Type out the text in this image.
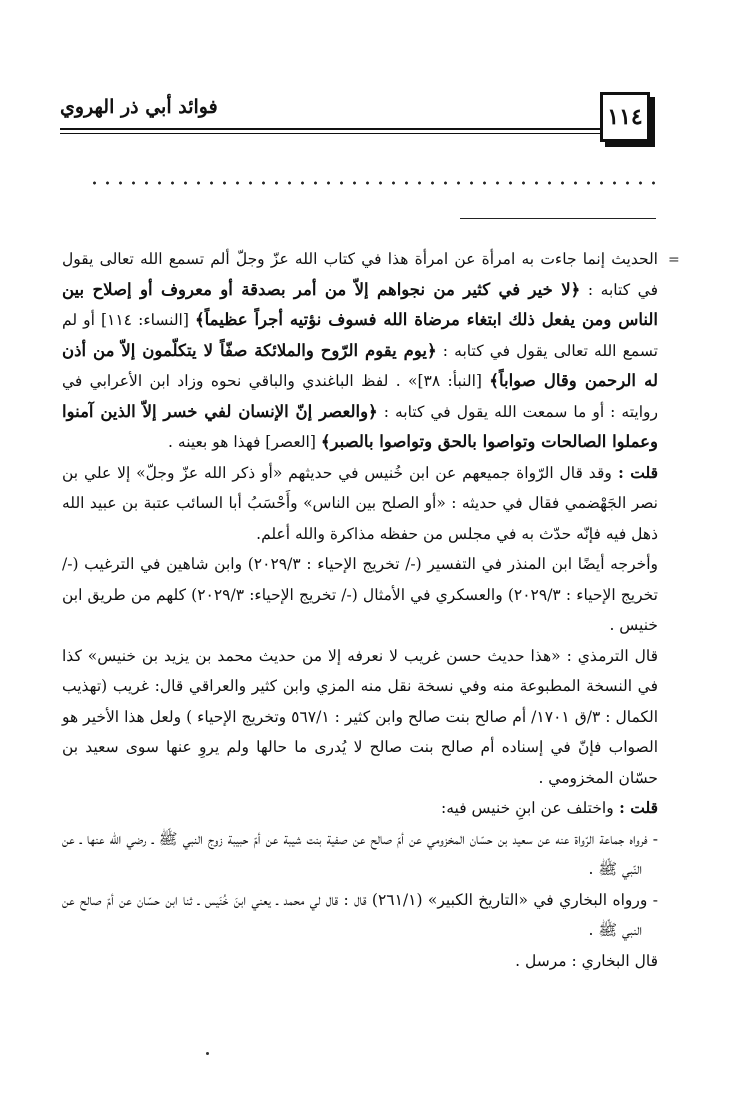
فوائد أبي ذر الهروي	١١٤
=

الحديث إنما جاءت به امرأة عن امرأة هذا في كتاب الله عزّ وجلّ ألم تسمع الله تعالى يقول في كتابه : ﴿لا خير في كثير من نجواهم إلاّ من أمر بصدقة أو معروف أو إصلاح بين الناس ومن يفعل ذلك ابتغاء مرضاة الله فسوف نؤتيه أجراً عظيماً﴾ [النساء: ١١٤] أو لم تسمع الله تعالى يقول في كتابه : ﴿يوم يقوم الرّوح والملائكة صفّاً لا يتكلّمون إلاّ من أذن له الرحمن وقال صواباً﴾ [النبأ: ٣٨]» . لفظ الباغندي والباقي نحوه وزاد ابن الأعرابي في روايته : أو ما سمعت الله يقول في كتابه : ﴿والعصر إنّ الإنسان لفي خسر إلاّ الذين آمنوا وعملوا الصالحات وتواصوا بالحق وتواصوا بالصبر﴾ [العصر] فهذا هو بعينه .

قلت : وقد قال الرّواة جميعهم عن ابن خُنيس في حديثهم «أو ذكر الله عزّ وجلّ» إلا علي بن نصر الجَهْضمي فقال في حديثه : «أو الصلح بين الناس» وأَحْسَبُ أبا السائب عتبة بن عبيد الله ذهل فيه فإنّه حدّث به في مجلس من حفظه مذاكرة والله أعلم.

وأخرجه أيضًا ابن المنذر في التفسير (-/ تخريج الإحياء : ٢٠٢٩/٣) وابن شاهين في الترغيب (-/ تخريج الإحياء : ٢٠٢٩/٣) والعسكري في الأمثال (-/ تخريج الإحياء: ٢٠٢٩/٣) كلهم من طريق ابن خنيس .

قال الترمذي : «هذا حديث حسن غريب لا نعرفه إلا من حديث محمد بن يزيد بن خنيس» كذا في النسخة المطبوعة منه وفي نسخة نقل منه المزي وابن كثير والعراقي قال: غريب (تهذيب الكمال : ٣/ق ١٧٠١/ أم صالح بنت صالح وابن كثير : ٥٦٧/١ وتخريج الإحياء ) ولعل هذا الأخير هو الصواب فإنّ في إسناده أم صالح بنت صالح لا يُدرى ما حالها ولم يروِ عنها سوى سعيد بن حسّان المخزومي .

قلت : واختلف عن ابنِ خنيس فيه:

- فرواه جماعة الرّواة عنه عن سعيد بن حسّان المخزومي عن أمّ صالح عن صفية بنت شيبة عن أمّ حبيبة زوج النبي ﷺ ـ رضي الله عنها ـ عن النّبي ﷺ .

- ورواه البخاري في «التاريخ الكبير» (٢٦١/١) قال : قال لي محمد ـ يعني ابنَ خُنَيس ـ ثنا ابن حسّان عن أمّ صالح عن النبي ﷺ .

قال البخاري : مرسل .
